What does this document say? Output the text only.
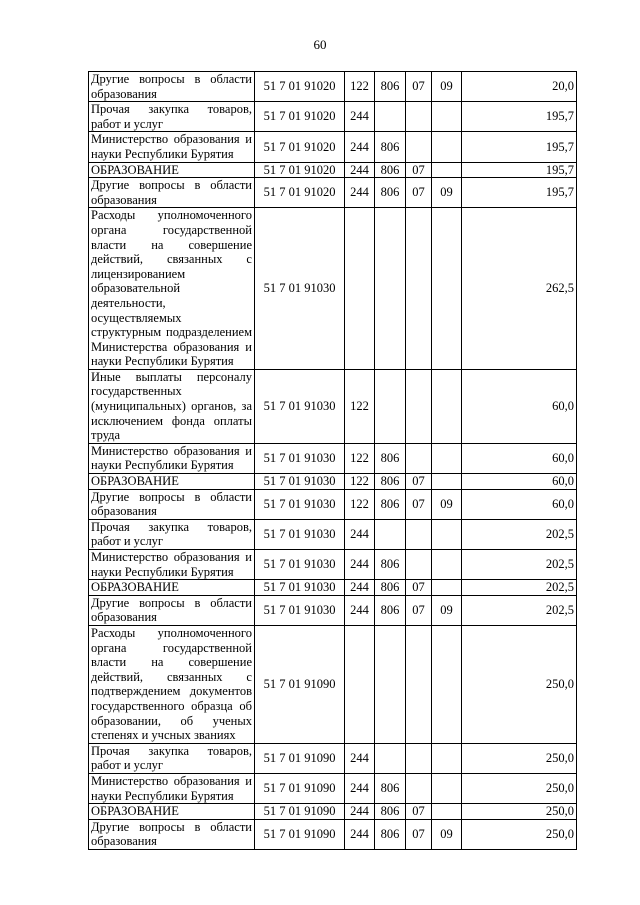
60
Другие вопросы в области образования	51 7 01 91020	122	806	07	09	20,0
Прочая закупка товаров, работ и услуг	51 7 01 91020	244				195,7
Министерство образования и науки Республики Бурятия	51 7 01 91020	244	806			195,7
ОБРАЗОВАНИЕ	51 7 01 91020	244	806	07		195,7
Другие вопросы в области образования	51 7 01 91020	244	806	07	09	195,7
Расходы уполномоченного органа государственной власти на совершение действий, связанных с лицензированием образовательной деятельности, осуществляемых структурным подразделением Министерства образования и науки Республики Бурятия	51 7 01 91030					262,5
Иные выплаты персоналу государственных (муниципальных) органов, за исключением фонда оплаты труда	51 7 01 91030	122				60,0
Министерство образования и науки Республики Бурятия	51 7 01 91030	122	806			60,0
ОБРАЗОВАНИЕ	51 7 01 91030	122	806	07		60,0
Другие вопросы в области образования	51 7 01 91030	122	806	07	09	60,0
Прочая закупка товаров, работ и услуг	51 7 01 91030	244				202,5
Министерство образования и науки Республики Бурятия	51 7 01 91030	244	806			202,5
ОБРАЗОВАНИЕ	51 7 01 91030	244	806	07		202,5
Другие вопросы в области образования	51 7 01 91030	244	806	07	09	202,5
Расходы уполномоченного органа государственной власти на совершение действий, связанных с подтверждением документов государственного образца об образовании, об ученых степенях и учсных званиях	51 7 01 91090					250,0
Прочая закупка товаров, работ и услуг	51 7 01 91090	244				250,0
Министерство образования и науки Республики Бурятия	51 7 01 91090	244	806			250,0
ОБРАЗОВАНИЕ	51 7 01 91090	244	806	07		250,0
Другие вопросы в области образования	51 7 01 91090	244	806	07	09	250,0
